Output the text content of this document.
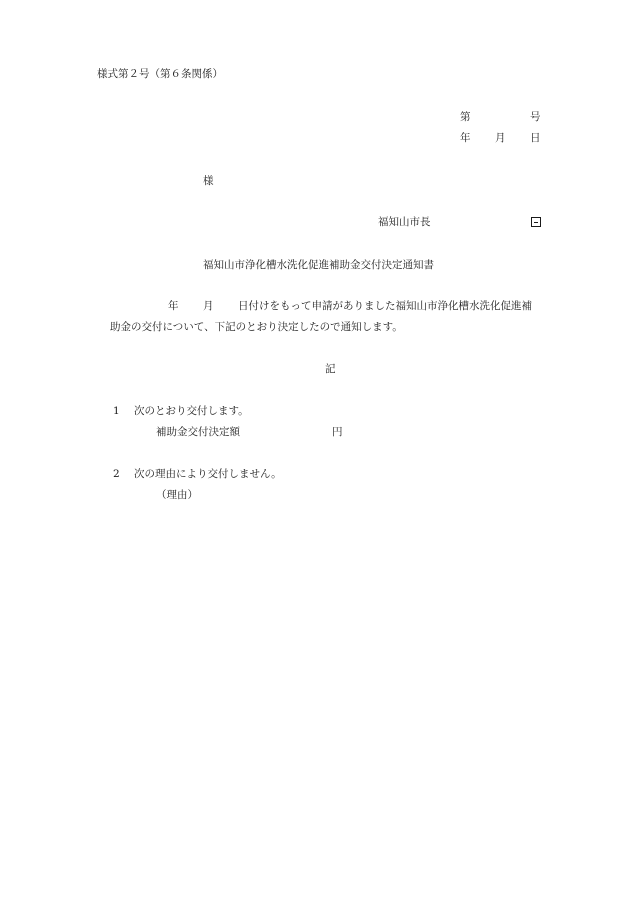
様式第２号（第６条関係）
第	号
年 月 日
様
福知山市長
福知山市浄化槽水洗化促進補助金交付決定通知書
年 月 日付けをもって申請がありました福知山市浄化槽水洗化促進補
助金の交付について、下記のとおり決定したので通知します。
記
1 次のとおり交付します。
補助金交付決定額	円
2 次の理由により交付しません。
（理由）
